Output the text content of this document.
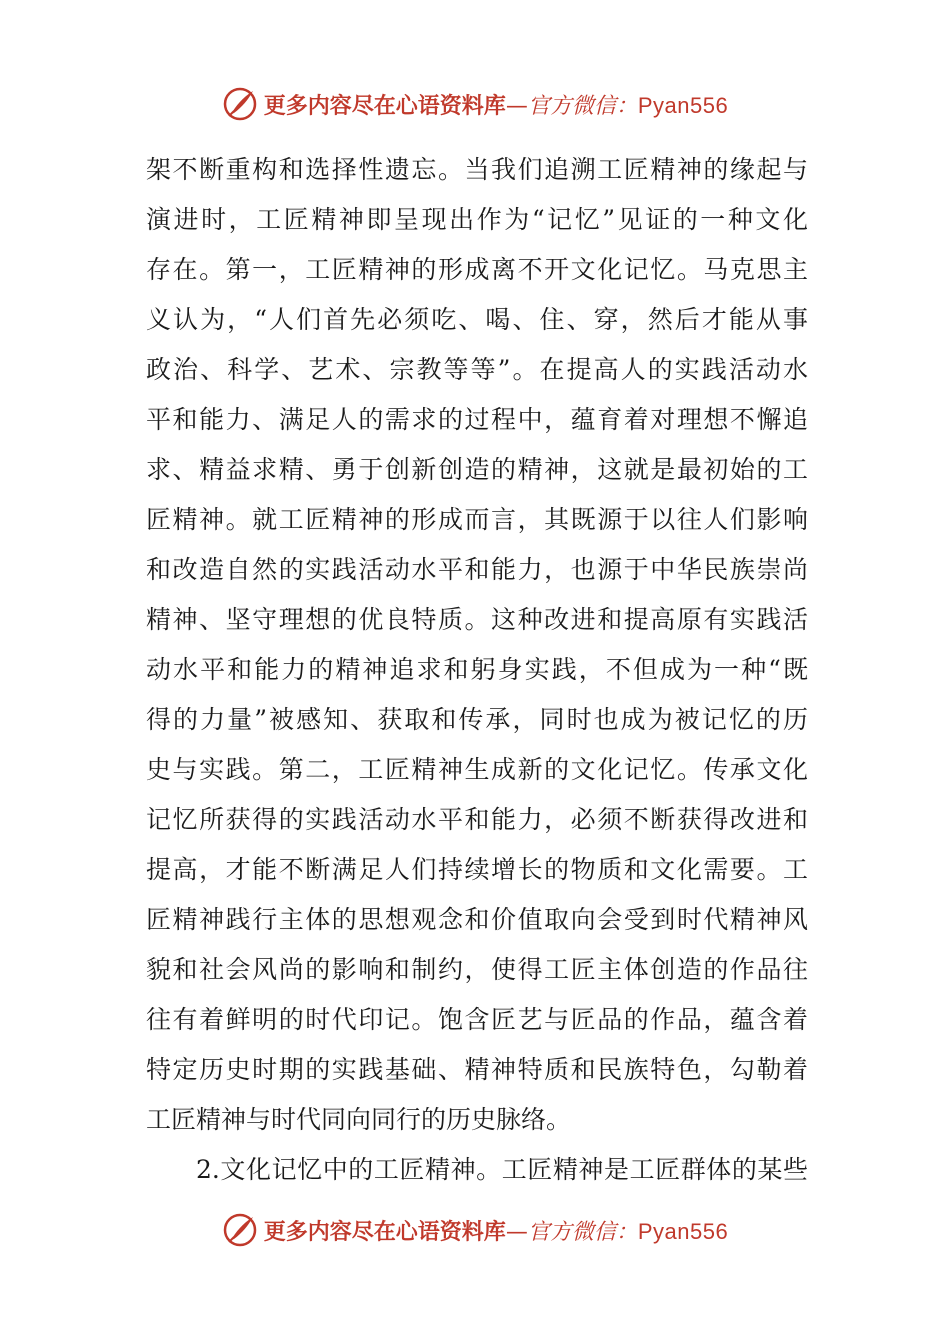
更多内容尽在心语资料库—官方微信：Pyan556
架不断重构和选择性遗忘。当我们追溯工匠精神的缘起与
演进时，工匠精神即呈现出作为“记忆”见证的一种文化
存在。第一，工匠精神的形成离不开文化记忆。马克思主
义认为，“人们首先必须吃、喝、住、穿，然后才能从事
政治、科学、艺术、宗教等等”。在提高人的实践活动水
平和能力、满足人的需求的过程中，蕴育着对理想不懈追
求、精益求精、勇于创新创造的精神，这就是最初始的工
匠精神。就工匠精神的形成而言，其既源于以往人们影响
和改造自然的实践活动水平和能力，也源于中华民族崇尚
精神、坚守理想的优良特质。这种改进和提高原有实践活
动水平和能力的精神追求和躬身实践，不但成为一种“既
得的力量”被感知、获取和传承，同时也成为被记忆的历
史与实践。第二，工匠精神生成新的文化记忆。传承文化
记忆所获得的实践活动水平和能力，必须不断获得改进和
提高，才能不断满足人们持续增长的物质和文化需要。工
匠精神践行主体的思想观念和价值取向会受到时代精神风
貌和社会风尚的影响和制约，使得工匠主体创造的作品往
往有着鲜明的时代印记。饱含匠艺与匠品的作品，蕴含着
特定历史时期的实践基础、精神特质和民族特色，勾勒着
工匠精神与时代同向同行的历史脉络。
2.文化记忆中的工匠精神。工匠精神是工匠群体的某些
更多内容尽在心语资料库—官方微信：Pyan556
